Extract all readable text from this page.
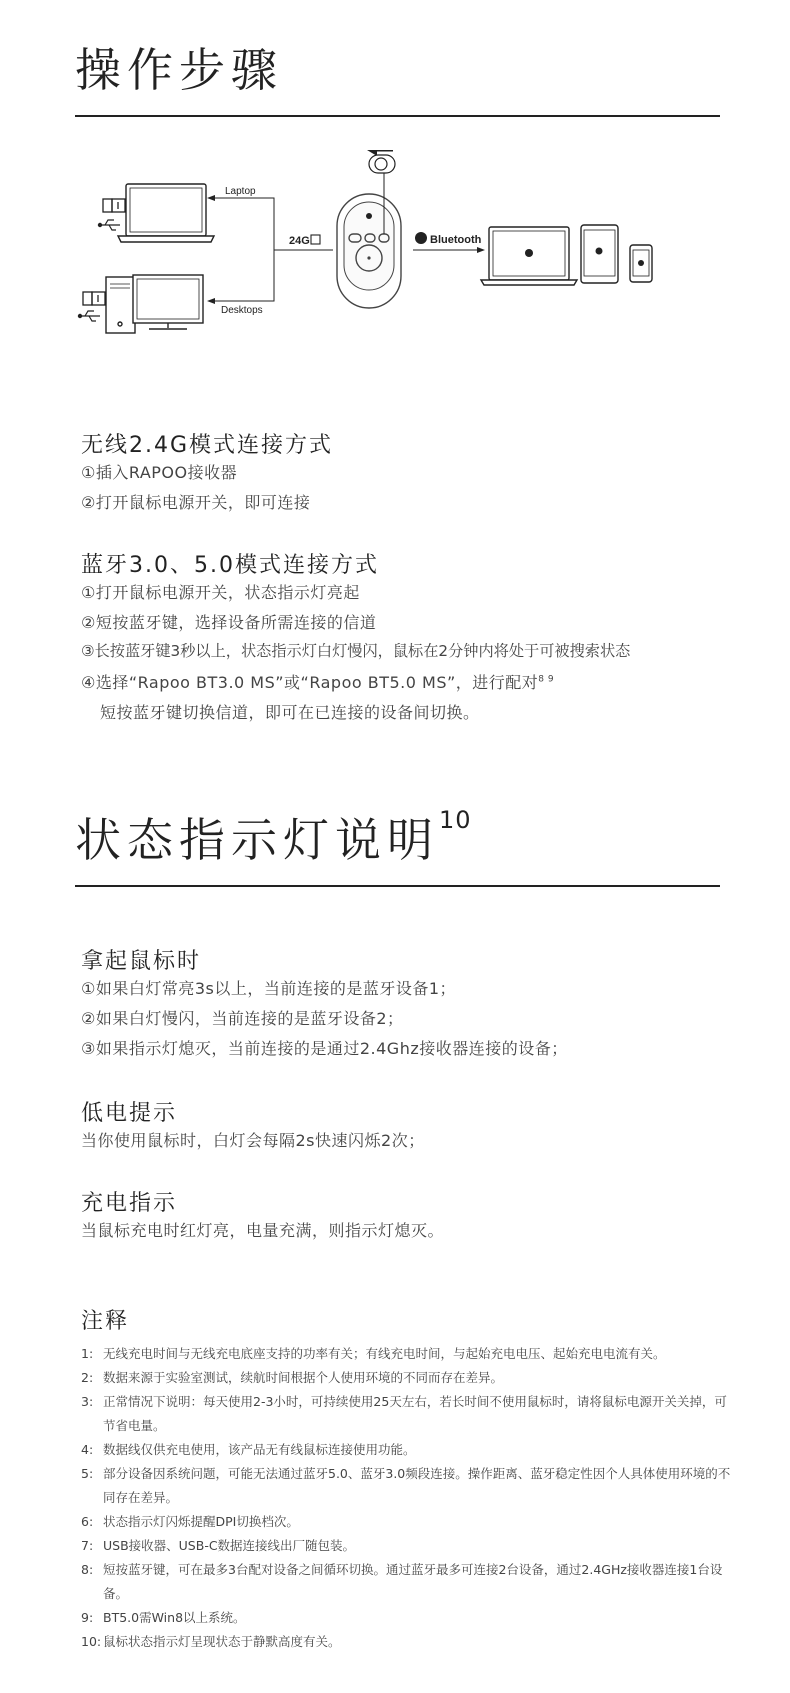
操作步骤
Laptop
Desktops
24G	Bluetooth
无线2.4G模式连接方式
①插入RAPOO接收器
②打开鼠标电源开关，即可连接
蓝牙3.0、5.0模式连接方式
①打开鼠标电源开关，状态指示灯亮起
②短按蓝牙键，选择设备所需连接的信道
③长按蓝牙键3秒以上，状态指示灯白灯慢闪，鼠标在2分钟内将处于可被搜索状态
④选择“Rapoo BT3.0 MS”或“Rapoo BT5.0 MS”，进行配对$^{8 9}$
短按蓝牙键切换信道，即可在已连接的设备间切换。
状态指示灯说明$^{10}$
拿起鼠标时
①如果白灯常亮3s以上，当前连接的是蓝牙设备1；
②如果白灯慢闪，当前连接的是蓝牙设备2；
③如果指示灯熄灭，当前连接的是通过2.4Ghz接收器连接的设备；
低电提示
当你使用鼠标时，白灯会每隔2s快速闪烁2次；
充电指示
当鼠标充电时红灯亮，电量充满，则指示灯熄灭。
注释
1: 无线充电时间与无线充电底座支持的功率有关；有线充电时间，与起始充电电压、起始充电电流有关。
2: 数据来源于实验室测试，续航时间根据个人使用环境的不同而存在差异。
3: 正常情况下说明：每天使用2-3小时，可持续使用25天左右，若长时间不使用鼠标时，请将鼠标电源开关关掉，可节省电量。
4: 数据线仅供充电使用，该产品无有线鼠标连接使用功能。
5: 部分设备因系统问题，可能无法通过蓝牙5.0、蓝牙3.0频段连接。操作距离、蓝牙稳定性因个人具体使用环境的不同存在差异。
6: 状态指示灯闪烁提醒DPI切换档次。
7: USB接收器、USB-C数据连接线出厂随包装。
8: 短按蓝牙键，可在最多3台配对设备之间循环切换。通过蓝牙最多可连接2台设备，通过2.4GHz接收器连接1台设备。
9: BT5.0需Win8以上系统。
10: 鼠标状态指示灯呈现状态于静默高度有关。
